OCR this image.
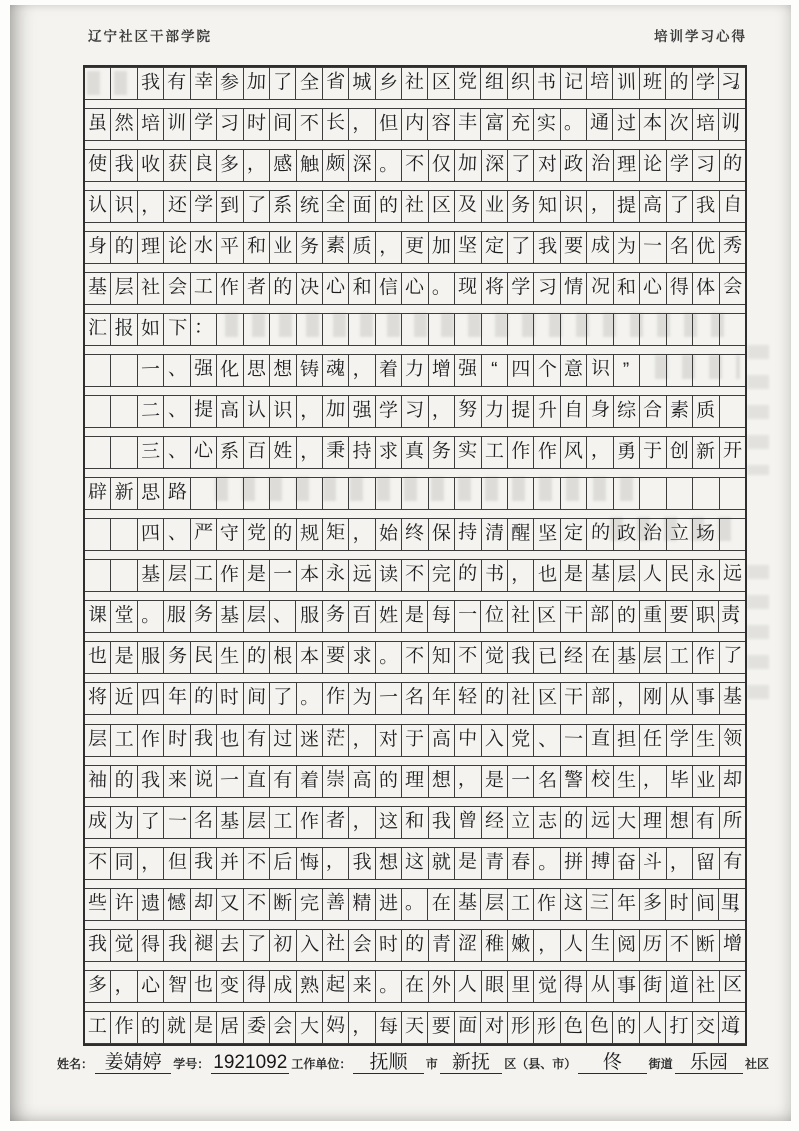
辽宁社区干部学院	培训学习心得
我 有 幸 参 加 了 全 省 城 乡 社 区 党 组 织 书 记 培 训 班 的 学 习。
虽 然 培 训 学 习 时 间 不 长 ， 但 内 容 丰 富 充 实 。 通 过 本 次 培 训，
使 我 收 获 良 多 ， 感 触 颇 深 。 不 仅 加 深 了 对 政 治 理 论 学 习 的
认 识 ， 还 学 到 了 系 统 全 面 的 社 区 及 业 务 知 识 ， 提 高 了 我 自
身 的 理 论 水 平 和 业 务 素 质 ， 更 加 坚 定 了 我 要 成 为 一 名 优 秀
基 层 社 会 工 作 者 的 决 心 和 信 心 。 现 将 学 习 情 况 和 心 得 体 会
汇 报 如 下 ：
一 、 强 化 思 想 铸 魂 ， 着 力 增 强 “ 四 个 意 识 ”
二 、 提 高 认 识 ， 加 强 学 习 ， 努 力 提 升 自 身 综 合 素 质
三 、 心 系 百 姓 ， 秉 持 求 真 务 实 工 作 作 风 ， 勇 于 创 新 开
辟 新 思 路
四 、 严 守 党 的 规 矩 ， 始 终 保 持 清 醒 坚 定 的 政 治 立 场
基 层 工 作 是 一 本 永 远 读 不 完 的 书 ， 也 是 基 层 人 民 永 远
课 堂 。 服 务 基 层 、 服 务 百 姓 是 每 一 位 社 区 干 部 的 重 要 职 责，
也 是 服 务 民 生 的 根 本 要 求 。 不 知 不 觉 我 已 经 在 基 层 工 作 了
将 近 四 年 的 时 间 了 。 作 为 一 名 年 轻 的 社 区 干 部 ， 刚 从 事 基
层 工 作 时 我 也 有 过 迷 茫 ， 对 于 高 中 入 党 、 一 直 担 任 学 生 领
袖 的 我 来 说 一 直 有 着 崇 高 的 理 想 ， 是 一 名 警 校 生 ， 毕 业 却
成 为 了 一 名 基 层 工 作 者 ， 这 和 我 曾 经 立 志 的 远 大 理 想 有 所
不 同 ， 但 我 并 不 后 悔 ， 我 想 这 就 是 青 春 。 拼 搏 奋 斗 ， 留 有
些 许 遗 憾 却 又 不 断 完 善 精 进 。 在 基 层 工 作 这 三 年 多 时 间 里，
我 觉 得 我 褪 去 了 初 入 社 会 时 的 青 涩 稚 嫩 ， 人 生 阅 历 不 断 增
多 ， 心 智 也 变 得 成 熟 起 来 。 在 外 人 眼 里 觉 得 从 事 街 道 社 区
工 作 的 就 是 居 委 会 大 妈 ， 每 天 要 面 对 形 形 色 色 的 人 打 交 道，
姓名： 姜婧婷 学号： 1921092 工作单位： 抚顺	市 新抚	区（县、市）	佟	街道 乐园	社区
